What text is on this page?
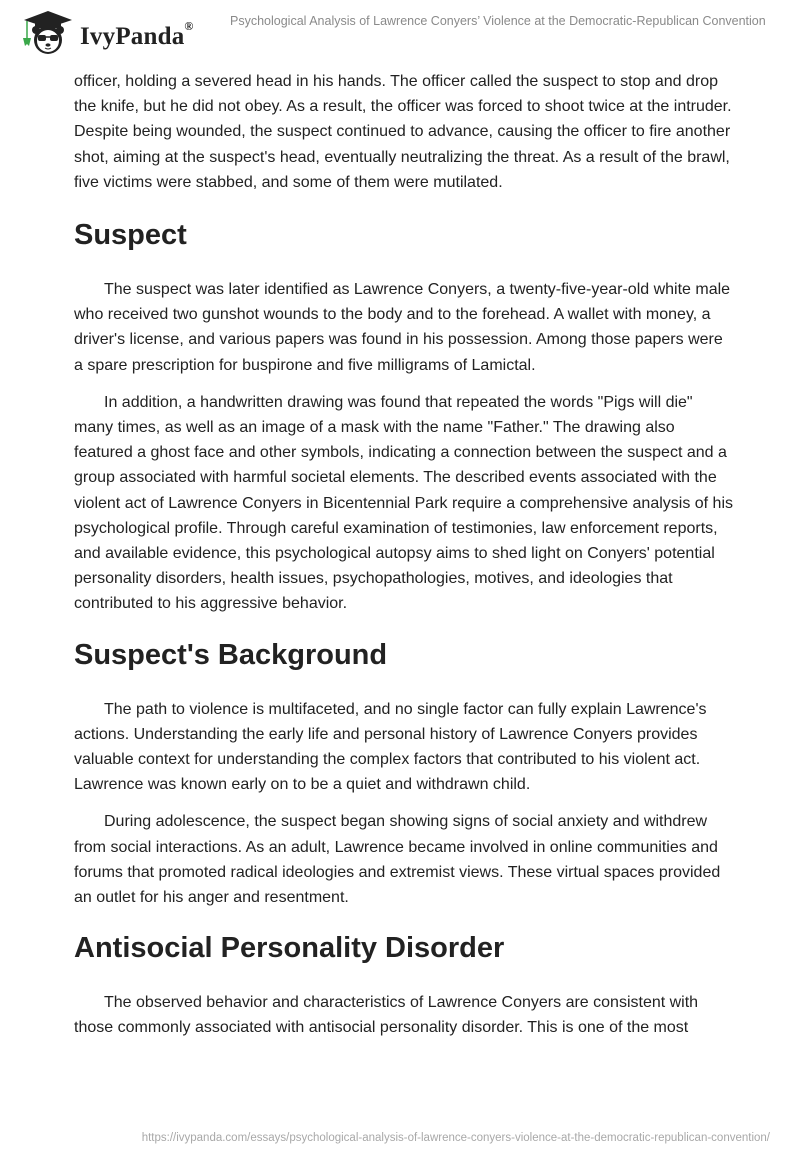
IvyPanda®	Psychological Analysis of Lawrence Conyers’ Violence at the Democratic-Republican Convention

officer, holding a severed head in his hands. The officer called the suspect to stop and drop the knife, but he did not obey. As a result, the officer was forced to shoot twice at the intruder. Despite being wounded, the suspect continued to advance, causing the officer to fire another shot, aiming at the suspect's head, eventually neutralizing the threat. As a result of the brawl, five victims were stabbed, and some of them were mutilated.

Suspect

The suspect was later identified as Lawrence Conyers, a twenty-five-year-old white male who received two gunshot wounds to the body and to the forehead. A wallet with money, a driver's license, and various papers was found in his possession. Among those papers were a spare prescription for buspirone and five milligrams of Lamictal.

In addition, a handwritten drawing was found that repeated the words "Pigs will die" many times, as well as an image of a mask with the name "Father." The drawing also featured a ghost face and other symbols, indicating a connection between the suspect and a group associated with harmful societal elements. The described events associated with the violent act of Lawrence Conyers in Bicentennial Park require a comprehensive analysis of his psychological profile. Through careful examination of testimonies, law enforcement reports, and available evidence, this psychological autopsy aims to shed light on Conyers' potential personality disorders, health issues, psychopathologies, motives, and ideologies that contributed to his aggressive behavior.

Suspect's Background

The path to violence is multifaceted, and no single factor can fully explain Lawrence's actions. Understanding the early life and personal history of Lawrence Conyers provides valuable context for understanding the complex factors that contributed to his violent act. Lawrence was known early on to be a quiet and withdrawn child.

During adolescence, the suspect began showing signs of social anxiety and withdrew from social interactions. As an adult, Lawrence became involved in online communities and forums that promoted radical ideologies and extremist views. These virtual spaces provided an outlet for his anger and resentment.

Antisocial Personality Disorder

The observed behavior and characteristics of Lawrence Conyers are consistent with those commonly associated with antisocial personality disorder. This is one of the most

https://ivypanda.com/essays/psychological-analysis-of-lawrence-conyers-violence-at-the-democratic-republican-convention/
